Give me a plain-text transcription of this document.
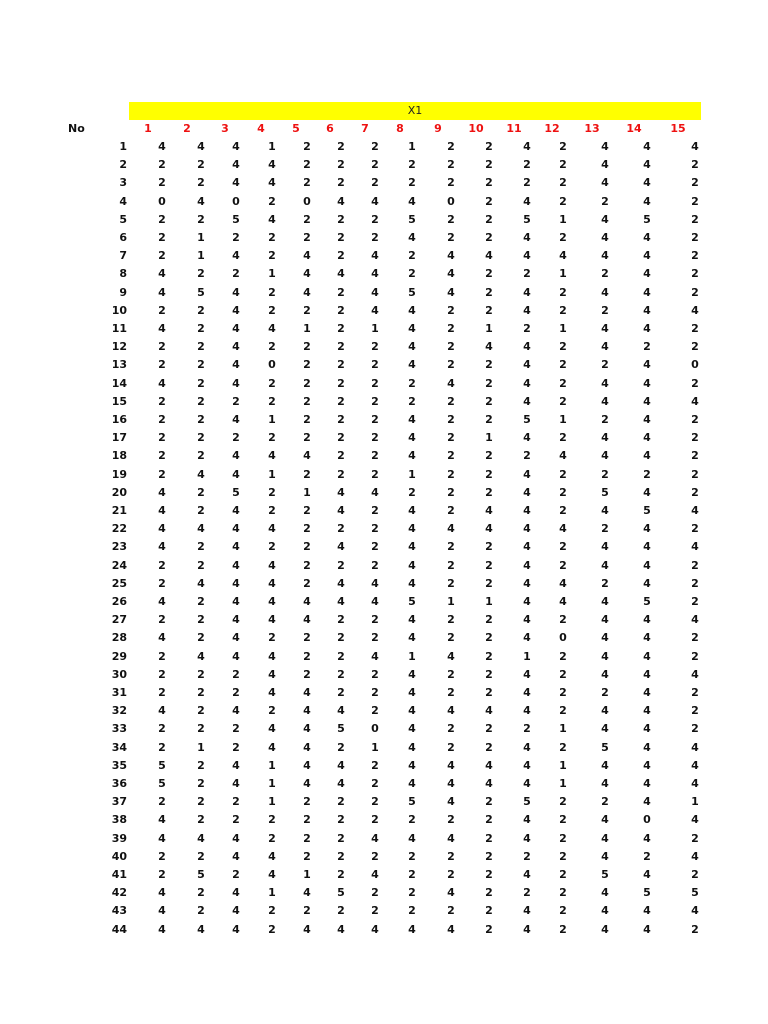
X1
No	1	2	3	4 5 6 7 8	9 10 11 12 13 14	15
1	4	4 4	1 2 2 2	1	2	2	4	2	4	4	4
2	2	2 4	4 2 2 2	2	2	2	2	2	4	4	2
3	2	2 4	4 2 2 2	2	2	2	2	2	4	4	2
4	0	4 0	2 0 4 4	4	0	2	4	2	2	4	2
5	2	2 5	4 2 2 2	5	2	2	5	1	4	5	2
6	2	1 2	2 2 2 2	4	2	2	4	2	4	4	2
7	2	1 4	2 4 2 4	2	4	4	4	4	4	4	2
8	4	2 2	1 4 4 4	2	4	2	2	1	2	4	2
9	4	5 4	2 4 2 4	5	4	2	4	2	4	4	2
10	2	2 4	2 2 2 4	4	2	2	4	2	2	4	4
11	4	2 4	4 1 2 1	4	2	1	2	1	4	4	2
12	2	2 4	2 2 2 2	4	2	4	4	2	4	2	2
13	2	2 4	0 2 2 2	4	2	2	4	2	2	4	0
14	4	2 4	2 2 2 2	2	4	2	4	2	4	4	2
15	2	2 2	2 2 2 2	2	2	2	4	2	4	4	4
16	2	2 4	1 2 2 2	4	2	2	5	1	2	4	2
17	2	2 2	2 2 2 2	4	2	1	4	2	4	4	2
18	2	2 4	4 4 2 2	4	2	2	2	4	4	4	2
19	2	4 4	1 2 2 2	1	2	2	4	2	2	2	2
20	4	2 5	2 1 4 4	2	2	2	4	2	5	4	2
21	4	2 4	2 2 4 2	4	2	4	4	2	4	5	4
22	4	4 4	4 2 2 2	4	4	4	4	4	2	4	2
23	4	2 4	2 2 4 2	4	2	2	4	2	4	4	4
24	2	2 4	4 2 2 2	4	2	2	4	2	4	4	2
25	2	4 4	4 2 4 4	4	2	2	4	4	2	4	2
26	4	2 4	4 4 4 4	5	1	1	4	4	4	5	2
27	2	2 4	4 4 2 2	4	2	2	4	2	4	4	4
28	4	2 4	2 2 2 2	4	2	2	4	0	4	4	2
29	2	4 4	4 2 2 4	1	4	2	1	2	4	4	2
30	2	2 2	4 2 2 2	4	2	2	4	2	4	4	4
31	2	2 2	4 4 2 2	4	2	2	4	2	2	4	2
32	4	2 4	2 4 4 2	4	4	4	4	2	4	4	2
33	2	2 2	4 4 5 0	4	2	2	2	1	4	4	2
34	2	1 2	4 4 2 1	4	2	2	4	2	5	4	4
35	5	2 4	1 4 4 2	4	4	4	4	1	4	4	4
36	5	2 4	1 4 4 2	4	4	4	4	1	4	4	4
37	2	2 2	1 2 2 2	5	4	2	5	2	2	4	1
38	4	2 2	2 2 2 2	2	2	2	4	2	4	0	4
39	4	4 4	2 2 2 4	4	4	2	4	2	4	4	2
40	2	2 4	4 2 2 2	2	2	2	2	2	4	2	4
41	2	5 2	4 1 2 4	2	2	2	4	2	5	4	2
42	4	2 4	1 4 5 2	2	4	2	2	2	4	5	5
43	4	2 4	2 2 2 2	2	2	2	4	2	4	4	4
44	4	4 4	2 4 4 4	4	4	2	4	2	4	4	2
